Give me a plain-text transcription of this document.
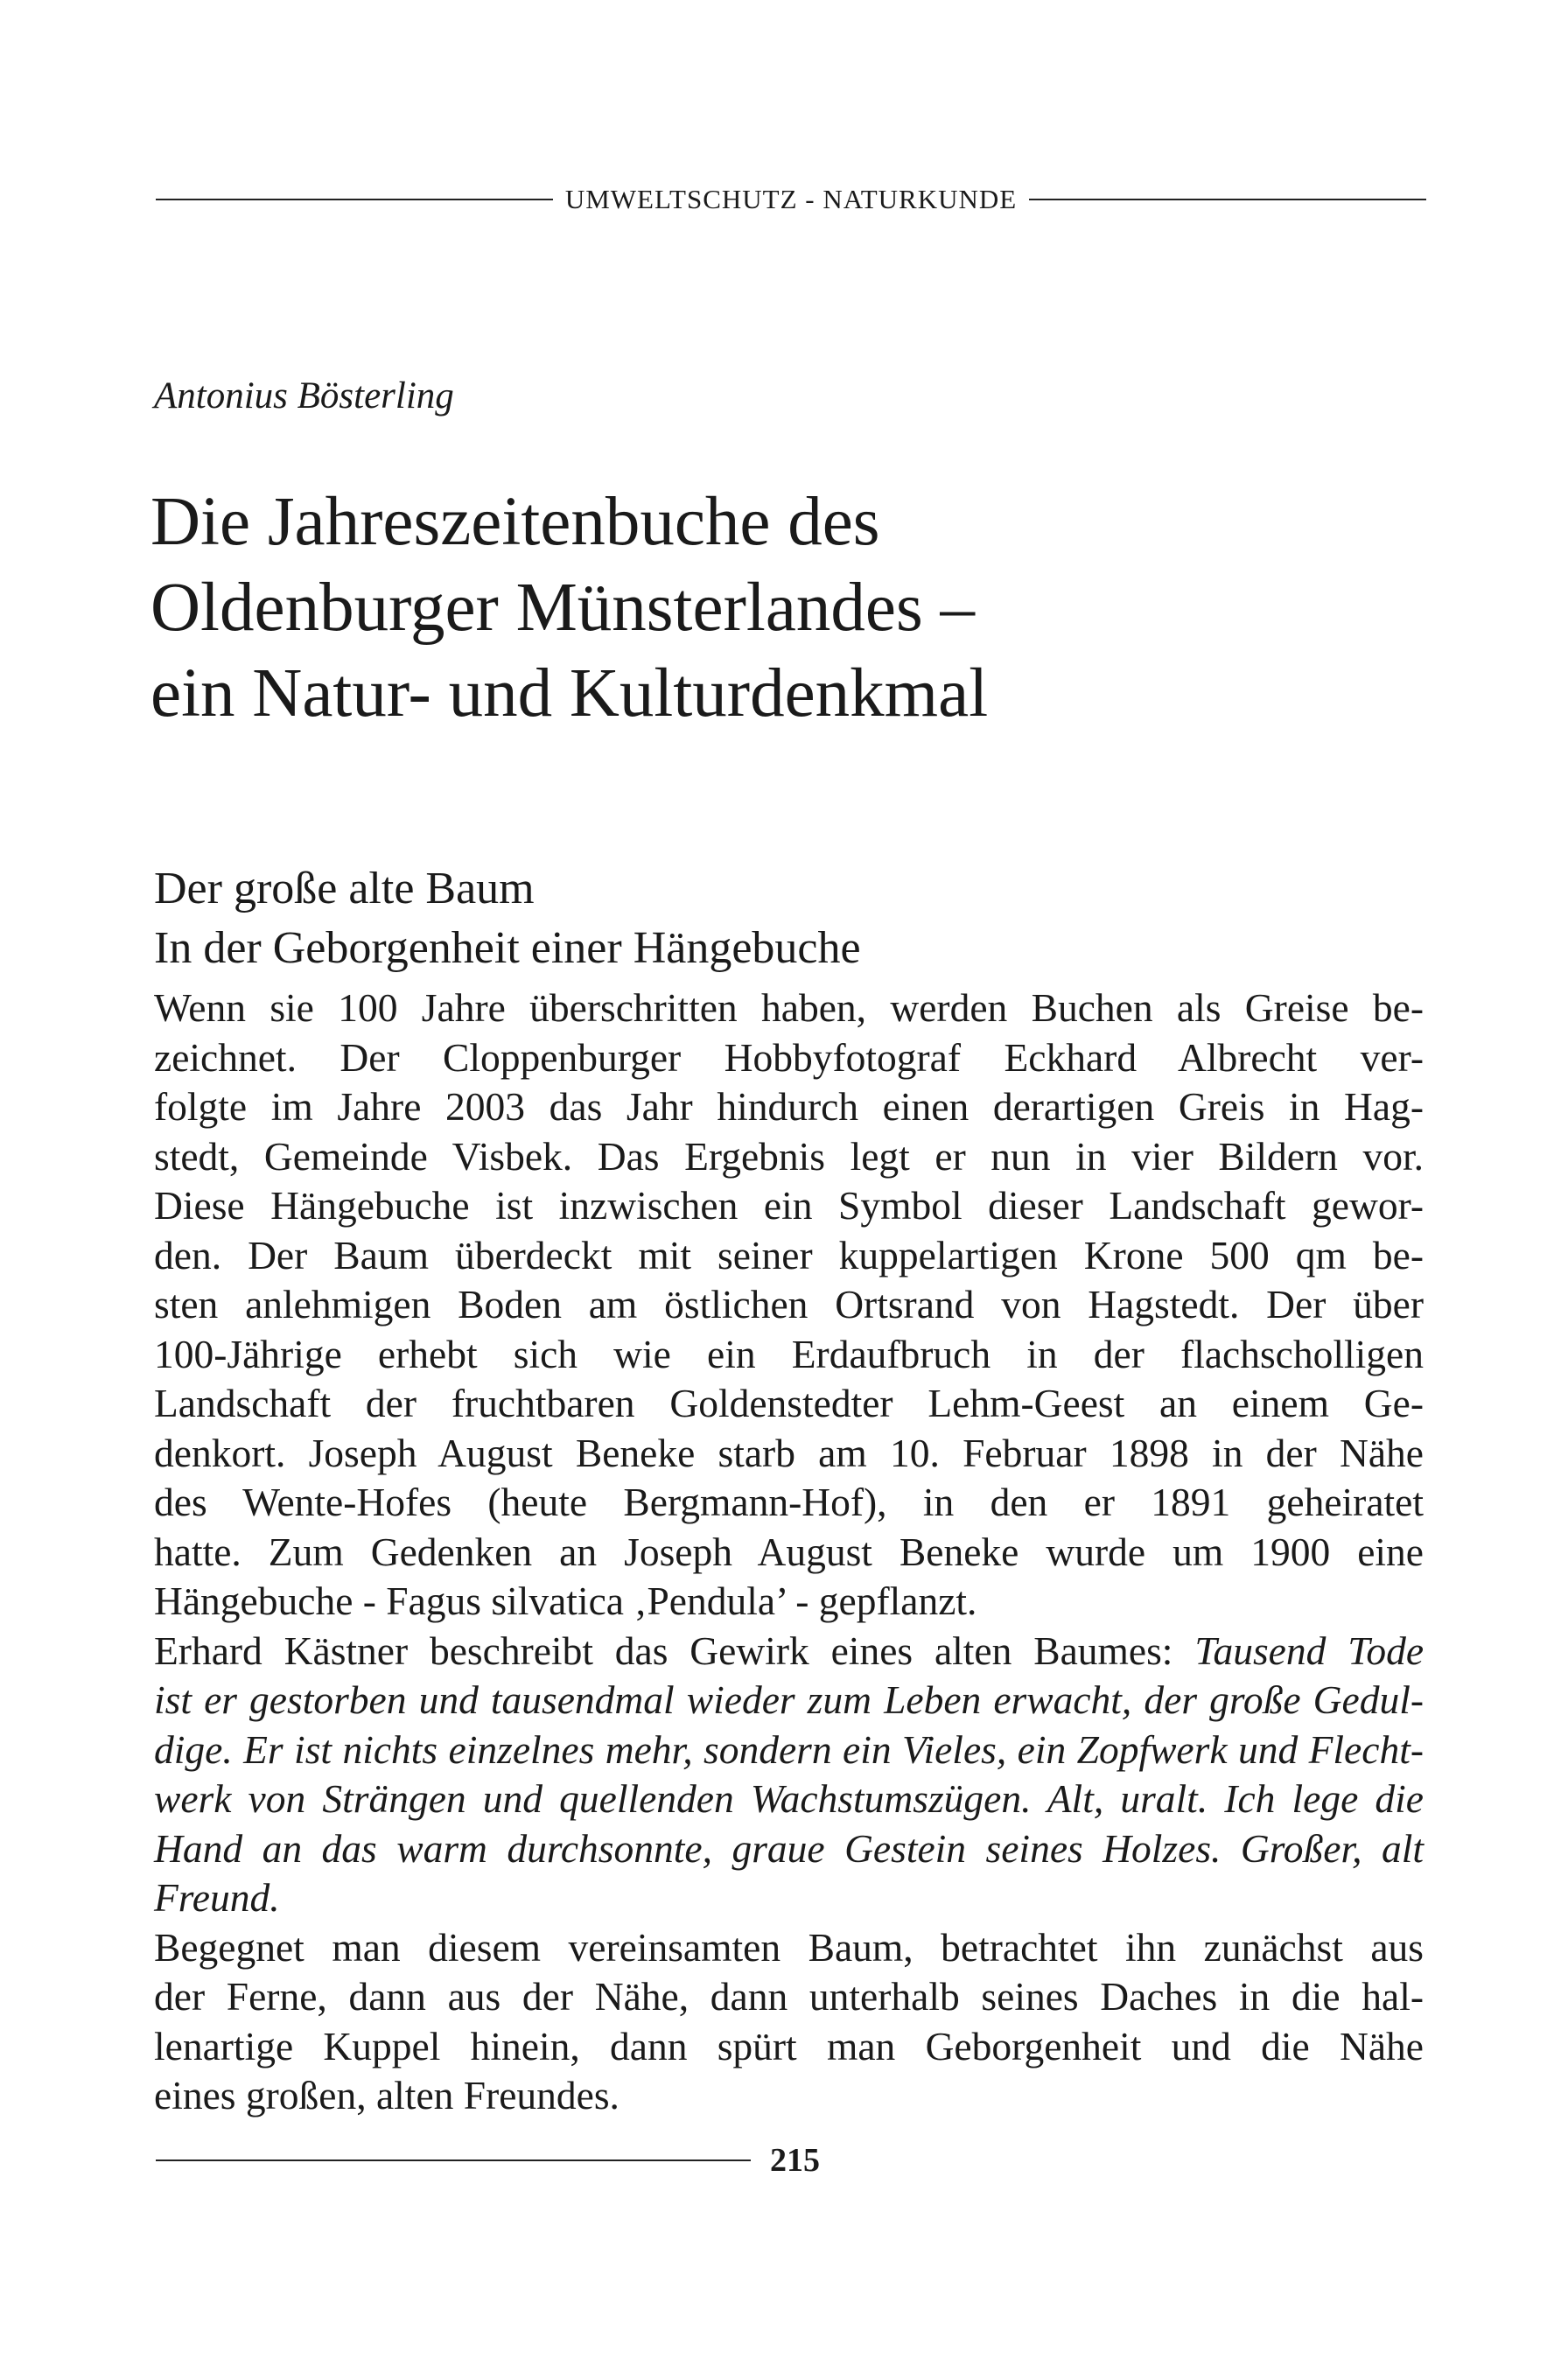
UMWELTSCHUTZ - NATURKUNDE
Antonius Bösterling
Die Jahreszeitenbuche des
Oldenburger Münsterlandes –
ein Natur- und Kulturdenkmal
Der große alte Baum
In der Geborgenheit einer Hängebuche
Wenn sie 100 Jahre überschritten haben, werden Buchen als Greise be-
zeichnet. Der Cloppenburger Hobbyfotograf Eckhard Albrecht ver-
folgte im Jahre 2003 das Jahr hindurch einen derartigen Greis in Hag-
stedt, Gemeinde Visbek. Das Ergebnis legt er nun in vier Bildern vor.
Diese Hängebuche ist inzwischen ein Symbol dieser Landschaft gewor-
den. Der Baum überdeckt mit seiner kuppelartigen Krone 500 qm be-
sten anlehmigen Boden am östlichen Ortsrand von Hagstedt. Der über
100-Jährige erhebt sich wie ein Erdaufbruch in der flachscholligen
Landschaft der fruchtbaren Goldenstedter Lehm-Geest an einem Ge-
denkort. Joseph August Beneke starb am 10. Februar 1898 in der Nähe
des Wente-Hofes (heute Bergmann-Hof), in den er 1891 geheiratet
hatte. Zum Gedenken an Joseph August Beneke wurde um 1900 eine
Hängebuche - Fagus silvatica ‚Pendula’ - gepflanzt.
Erhard Kästner beschreibt das Gewirk eines alten Baumes: Tausend Tode
ist er gestorben und tausendmal wieder zum Leben erwacht, der große Gedul-
dige. Er ist nichts einzelnes mehr, sondern ein Vieles, ein Zopfwerk und Flecht-
werk von Strängen und quellenden Wachstumszügen. Alt, uralt. Ich lege die
Hand an das warm durchsonnte, graue Gestein seines Holzes. Großer, alt
Freund.
Begegnet man diesem vereinsamten Baum, betrachtet ihn zunächst aus
der Ferne, dann aus der Nähe, dann unterhalb seines Daches in die hal-
lenartige Kuppel hinein, dann spürt man Geborgenheit und die Nähe
eines großen, alten Freundes.
215
